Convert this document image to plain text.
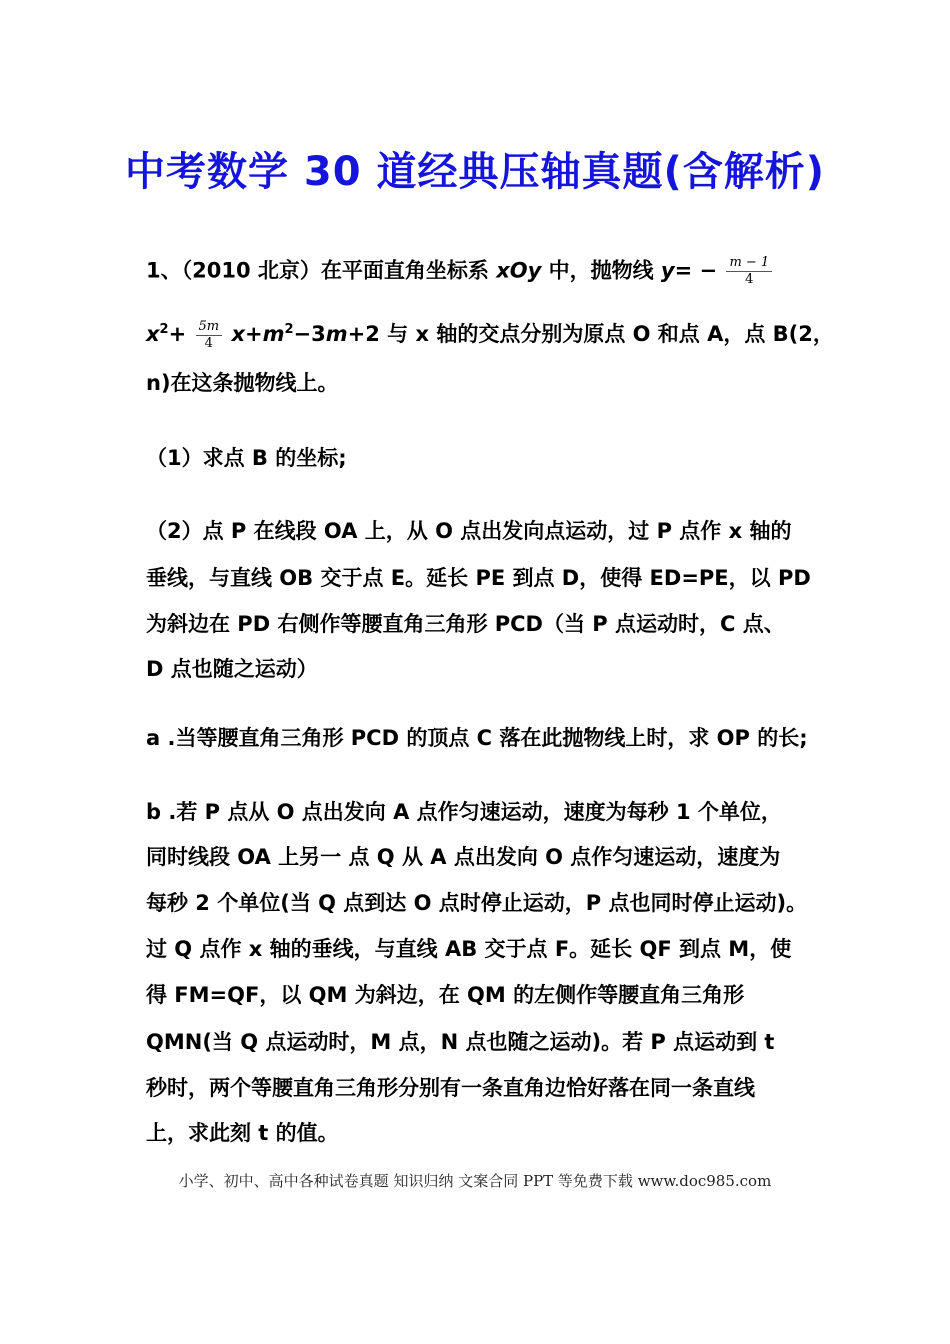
中考数学 30 道经典压轴真题(含解析)
1、（2010 北京）在平面直角坐标系 xOy 中，抛物线 $y= - \frac{m - 1}{4}$
$x^2+ \frac{5m}{4} x+m^2-3m+2$ 与 x 轴的交点分别为原点 O 和点 A，点 B(2，
n)在这条抛物线上。
（1）求点 B 的坐标;
（2）点 P 在线段 OA 上，从 O 点出发向点运动，过 P 点作 x 轴的
垂线，与直线 OB 交于点 E。延长 PE 到点 D，使得 ED=PE，以 PD
为斜边在 PD 右侧作等腰直角三角形 PCD（当 P 点运动时，C 点、
D 点也随之运动）
a .当等腰直角三角形 PCD 的顶点 C 落在此抛物线上时，求 OP 的长;
b .若 P 点从 O 点出发向 A 点作匀速运动，速度为每秒 1 个单位，
同时线段 OA 上另一 点 Q 从 A 点出发向 O 点作匀速运动，速度为
每秒 2 个单位(当 Q 点到达 O 点时停止运动，P 点也同时停止运动)。
过 Q 点作 x 轴的垂线，与直线 AB 交于点 F。延长 QF 到点 M，使
得 FM=QF，以 QM 为斜边，在 QM 的左侧作等腰直角三角形
QMN(当 Q 点运动时，M 点，N 点也随之运动)。若 P 点运动到 t
秒时，两个等腰直角三角形分别有一条直角边恰好落在同一条直线
上，求此刻 t 的值。
小学、初中、高中各种试卷真题 知识归纳 文案合同 PPT 等免费下载 www.doc985.com
